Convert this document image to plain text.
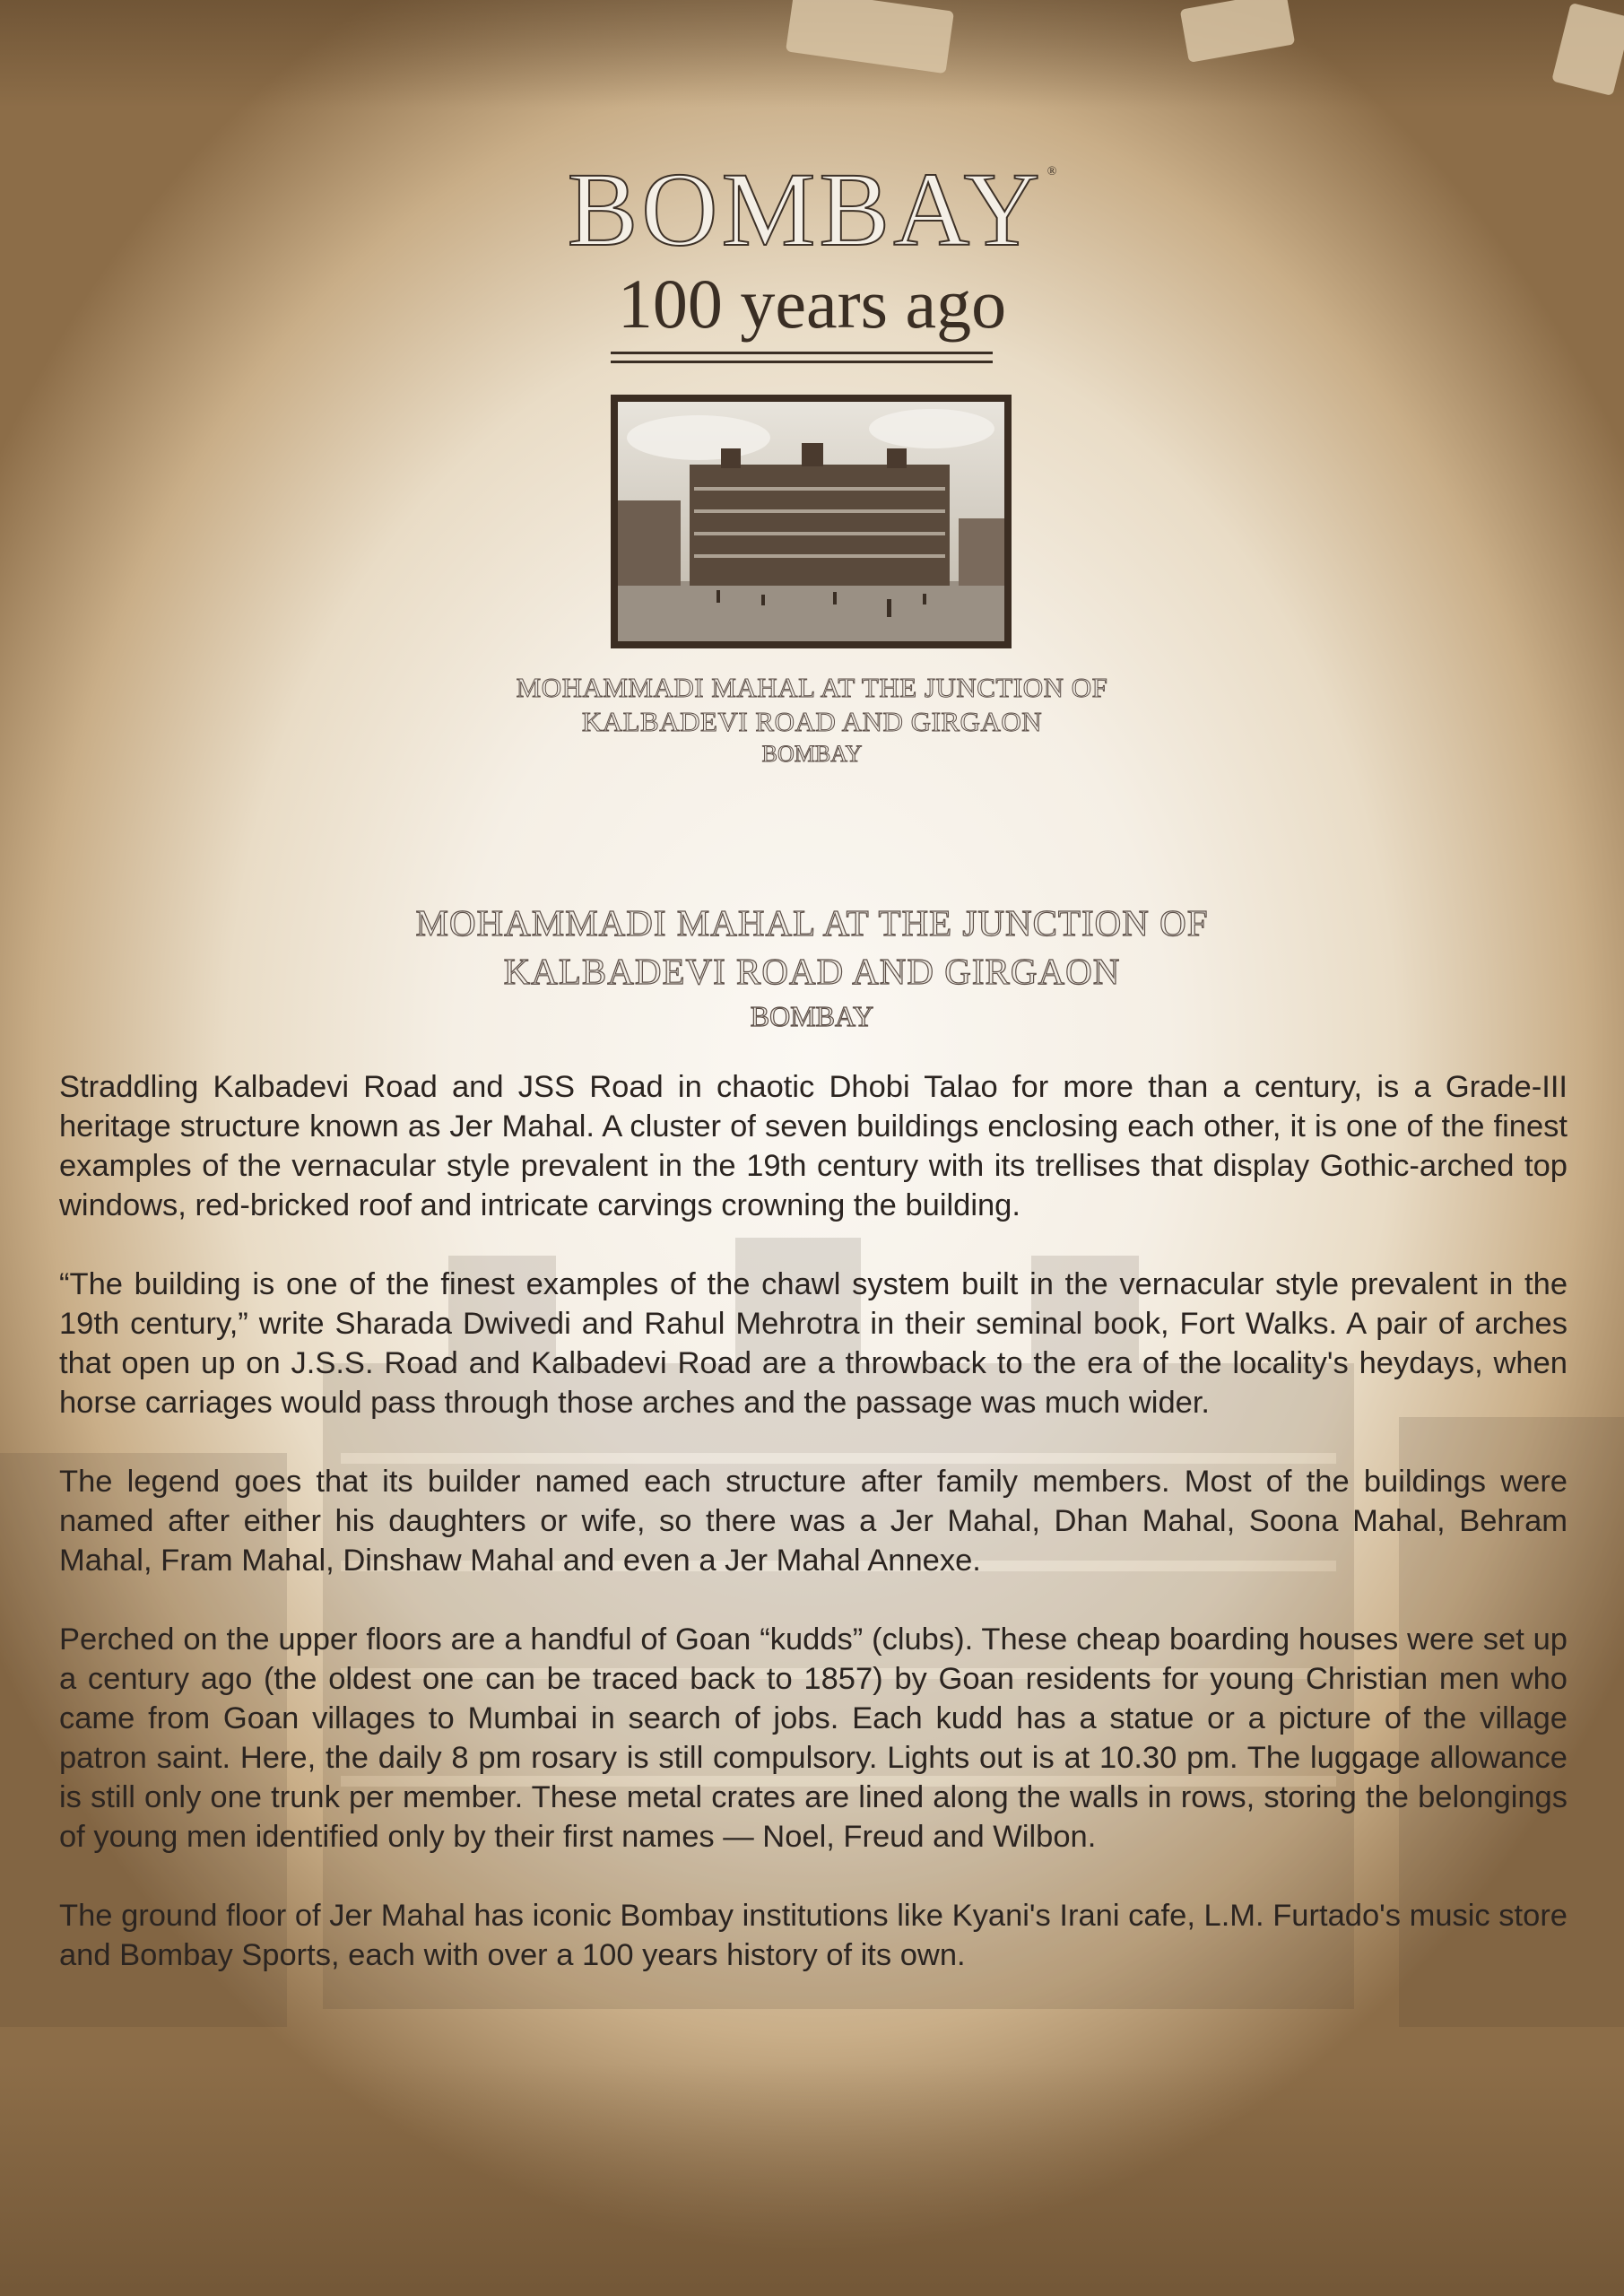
BOMBAY ®
100 years ago
MOHAMMADI MAHAL AT THE JUNCTION OF
KALBADEVI ROAD AND GIRGAON
BOMBAY
MOHAMMADI MAHAL AT THE JUNCTION OF
KALBADEVI ROAD AND GIRGAON
BOMBAY

Straddling Kalbadevi Road and JSS Road in chaotic Dhobi Talao for more than a century, is a Grade-III heritage structure known as Jer Mahal. A cluster of seven buildings enclosing each other, it is one of the finest examples of the vernacular style prevalent in the 19th century with its trellises that display Gothic-arched top windows, red-bricked roof and intricate carvings crowning the building.

“The building is one of the finest examples of the chawl system built in the vernacular style prevalent in the 19th century,” write Sharada Dwivedi and Rahul Mehrotra in their seminal book, Fort Walks. A pair of arches that open up on J.S.S. Road and Kalbadevi Road are a throwback to the era of the locality's heydays, when horse carriages would pass through those arches and the passage was much wider.

The legend goes that its builder named each structure after family members. Most of the buildings were named after either his daughters or wife, so there was a Jer Mahal, Dhan Mahal, Soona Mahal, Behram Mahal, Fram Mahal, Dinshaw Mahal and even a Jer Mahal Annexe.

Perched on the upper floors are a handful of Goan “kudds” (clubs). These cheap boarding houses were set up a century ago (the oldest one can be traced back to 1857) by Goan residents for young Christian men who came from Goan villages to Mumbai in search of jobs. Each kudd has a statue or a picture of the village patron saint. Here, the daily 8 pm rosary is still compulsory. Lights out is at 10.30 pm. The luggage allowance is still only one trunk per member. These metal crates are lined along the walls in rows, storing the belongings of young men identified only by their first names — Noel, Freud and Wilbon.

The ground floor of Jer Mahal has iconic Bombay institutions like Kyani's Irani cafe, L.M. Furtado's music store and Bombay Sports, each with over a 100 years history of its own.
